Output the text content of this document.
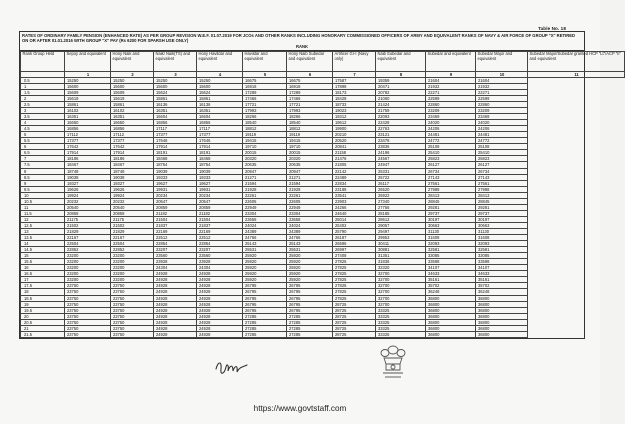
Table No. 18
RATES OF ORDINARY FAMILY PENSION (ENHANCED RATE) AS PER GROUP REVISION W.E.F. 01.07.2019 FOR JCOs AND OTHER RANKS INCLUDING HONORARY COMMISSIONED OFFICERS OF ARMY AND EQUIVALENT RANKS OF NAVY & AIR FORCE OF GROUP "X" RETIRED ON OR AFTER 01.01.2016 WITH GROUP "X" PAY (Rs 6200 FOR SPARSH USE ONLY)
RANK
Rank Group Held	Sepoy and equivalent	Hony Naik and equivalent	Naik/ Naik(TS) and equivalent	Hony Havildar and equivalent	Havildar and equivalent	Hony Naib Subedar and equivalent	Artificer Gr-I (Navy only)	Naib Subedar and equivalent	Subedar and equivalent	Subedar Major and equivalent	Subedar Major/Subedar granted HCP "Lt"/ACP "II" and equivalent
	1	2	3	4	5	6	7	8	9	10	11
0.5	15250	15250	15250	15250	16675	16675	17587	19359	21604	21604	
1	15600	15600	15600	15600	16918	16918	17898	20471	21932	21932	
1.5	15609	15609	15624	15624	17289	17289	18173	20782	22271	22271	
2	15619	15619	15861	15861	17466	17466	18428	21060	22599	22599	
2.5	15861	15861	16136	16136	17721	17721	18733	21424	22860	22860	
3	16102	16102	16351	16351	17993	17993	19023	21759	23209	23209	
3.5	16351	16351	16604	16604	18266	18266	19312	22093	23469	23469	
4	16650	16650	16856	16856	18540	18540	19612	22428	24020	24020	
4.5	16856	16856	17117	17117	18812	18812	19900	22763	24206	24206	
5	17112	17112	17377	17377	19119	19119	20210	23121	24481	24481	
5.5	17377	17377	17646	17646	19415	19415	20520	23478	24772	24772	
6	17642	17642	17914	17914	19710	19710	20841	23836	25108	25108	
6.5	17914	17914	18191	18191	20015	20015	21158	24196	25410	25410	
7	18186	18186	18468	18468	20320	20320	21476	24567	25823	25823	
7.5	18467	18467	18754	18754	20635	20635	21805	24947	26127	26127	
8	18748	18748	19039	19039	20947	20947	22142	25331	26734	26734	
8.5	19038	19038	19333	19333	21271	21271	22489	25722	27143	27143	
9	19327	19327	19627	19627	21594	21594	22834	26117	27561	27561	
9.5	19626	19626	19931	19931	21928	21928	23188	26520	27988	27988	
10	19924	19924	20234	20234	22261	22261	23541	26922	28413	28413	
10.5	20232	20232	20547	20547	22605	22605	23903	27340	28845	28845	
11	20540	20540	20859	20859	22949	22949	24266	27756	29281	29281	
11.5	20858	20858	21182	21182	23304	23304	24640	28185	29737	29737	
12	21175	21175	21504	21504	23658	23658	25014	28612	30197	30197	
12.5	21502	21502	21837	21837	24024	24024	25402	29057	30663	30663	
13	21829	21829	22169	22169	24389	24389	25790	29497	31130	31130	
13.5	22167	22167	22512	22512	24766	24766	26187	29953	31608	31608	
14	22504	22504	22854	22854	25143	25143	26586	30411	32093	32093	
14.5	22852	22852	23207	23207	25531	25531	26997	30881	32581	32581	
15	23200	23200	23560	23560	25920	25920	27408	31351	33085	33085	
15.5	23200	23200	23928	23928	25920	25920	27825	31836	33598	33598	
16	23200	23200	24304	24304	25920	25920	27825	32320	34107	34107	
16.5	23200	23200	24928	24928	25920	25920	27825	32700	34633	34633	
17	23200	23200	24928	24928	25920	25920	27825	32700	35161	35161	
17.5	23750	23750	24928	24928	26795	26795	27825	32700	35702	35702	
18	23750	23750	24928	24928	26795	26795	27825	32700	36248	36248	
18.5	23750	23750	24928	24928	26795	26795	27825	32700	36800	36800	
19	23750	23750	24928	24928	26795	26795	28725	32700	36800	36800	
19.5	23750	23750	24928	24928	26795	26795	28725	33325	36800	36800	
20	23750	23750	24928	24928	27285	27285	28725	33325	36800	36800	
20.5	23750	23750	24928	24928	27285	27285	28725	33325	36800	36800	
21	23750	23750	24928	24928	27285	27285	28725	33325	36800	36800	
21.5	23750	23750	24928	24928	27285	27285	28725	33325	36800	36800	
https://www.govtstaff.com
